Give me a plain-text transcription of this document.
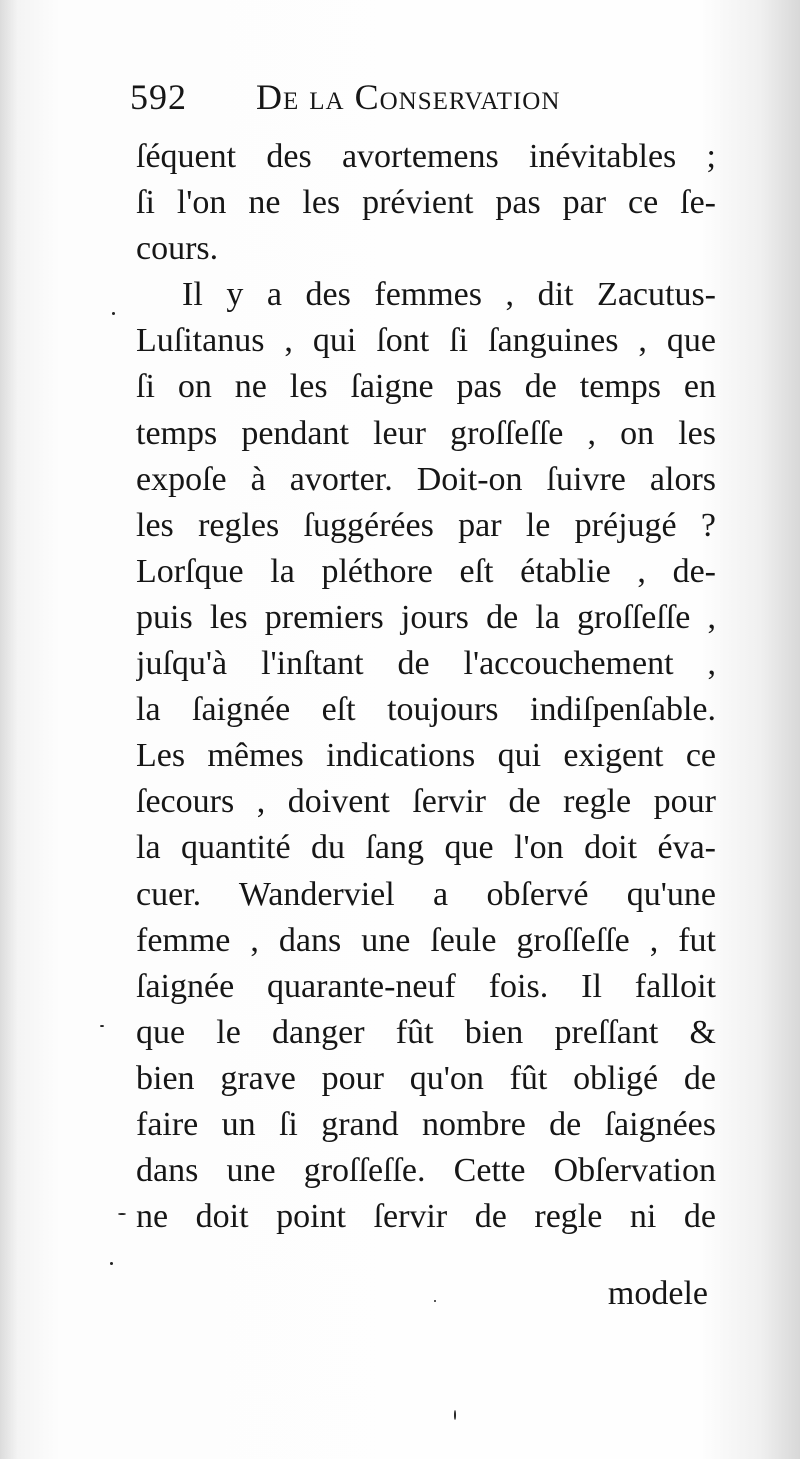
592 De la Conservation
ſéquent des avortemens inévitables ;
ſi l'on ne les prévient pas par ce ſe-
cours.
Il y a des femmes , dit Zacutus-
Luſitanus , qui ſont ſi ſanguines , que
ſi on ne les ſaigne pas de temps en
temps pendant leur groſſeſſe , on les
expoſe à avorter. Doit-on ſuivre alors
les regles ſuggérées par le préjugé ?
Lorſque la pléthore eſt établie , de-
puis les premiers jours de la groſſeſſe ,
juſqu'à l'inſtant de l'accouchement ,
la ſaignée eſt toujours indiſpenſable.
Les mêmes indications qui exigent ce
ſecours , doivent ſervir de regle pour
la quantité du ſang que l'on doit éva-
cuer. Wanderviel a obſervé qu'une
femme , dans une ſeule groſſeſſe , fut
ſaignée quarante-neuf fois. Il falloit
que le danger fût bien preſſant &
bien grave pour qu'on fût obligé de
faire un ſi grand nombre de ſaignées
dans une groſſeſſe. Cette Obſervation
ne doit point ſervir de regle ni de
modele
